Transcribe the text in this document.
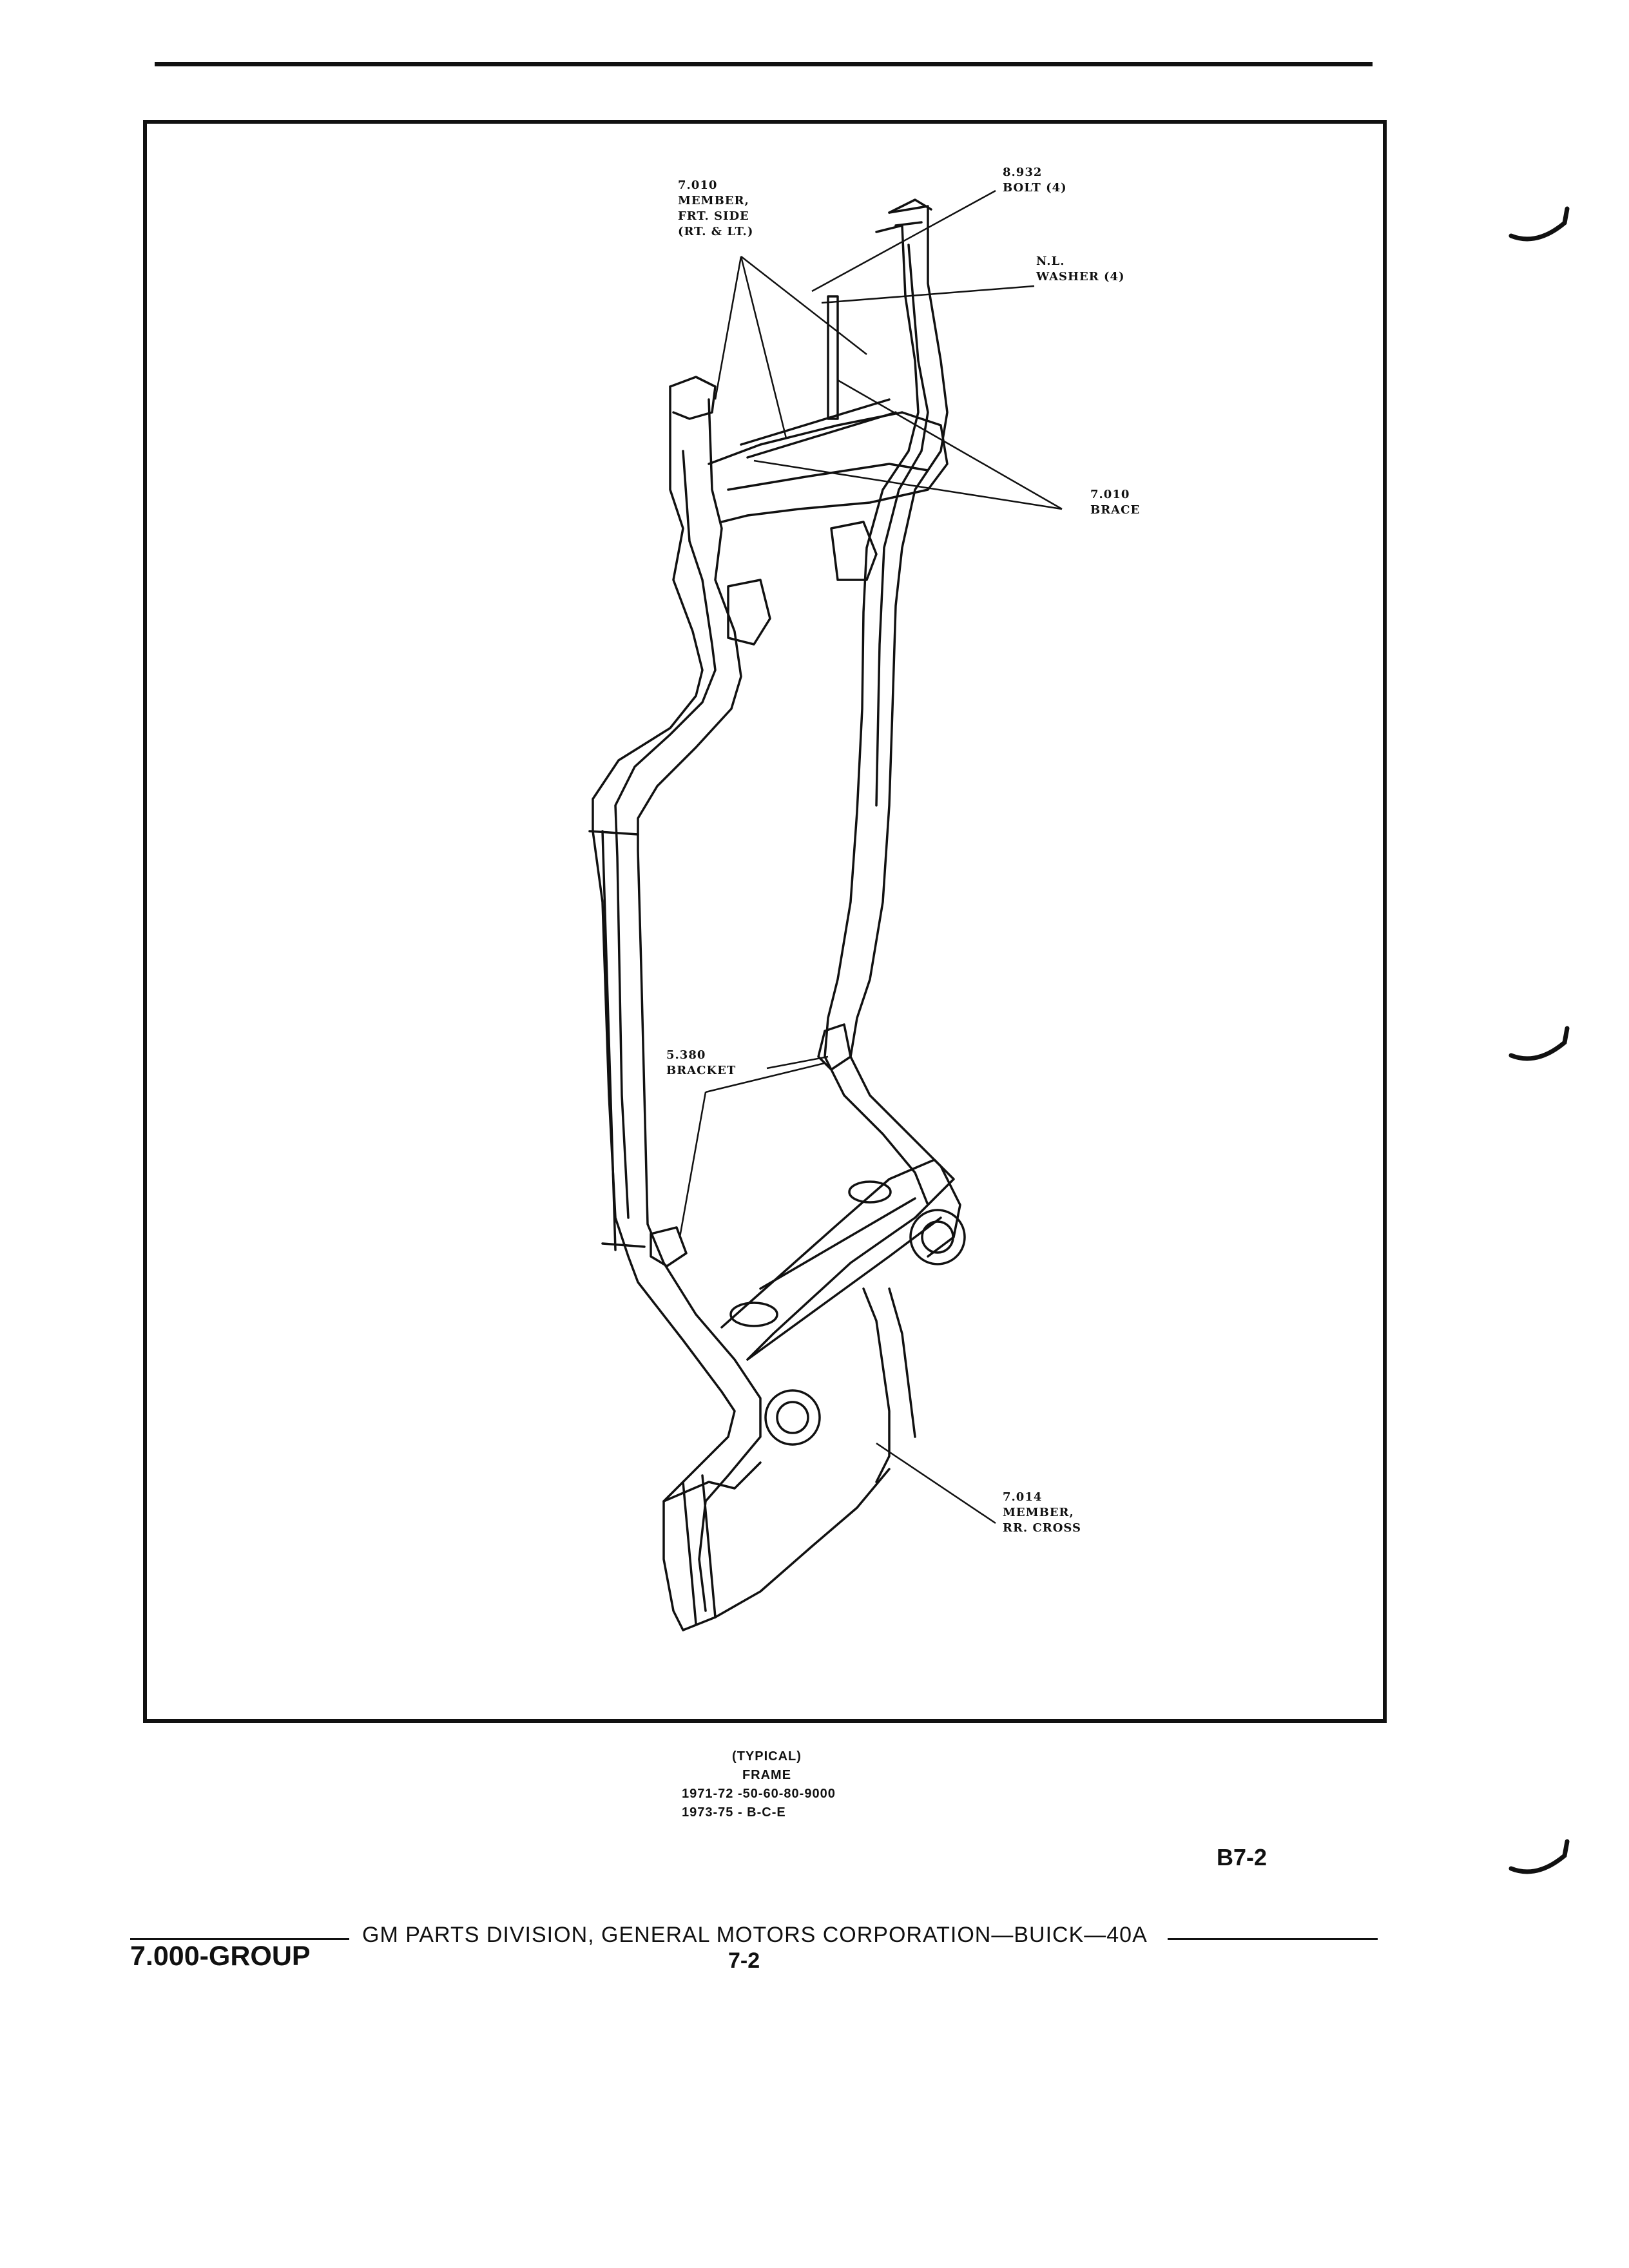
7.010
MEMBER,
FRT. SIDE
(RT. & LT.)
8.932
BOLT (4)
N.L.
WASHER (4)
7.010
BRACE
5.380
BRACKET
7.014
MEMBER,
RR. CROSS
(TYPICAL)
FRAME
1971-72 -50-60-80-9000
1973-75 - B-C-E
B7-2
GM PARTS DIVISION, GENERAL MOTORS CORPORATION—BUICK—40A
7.000-GROUP	7-2
